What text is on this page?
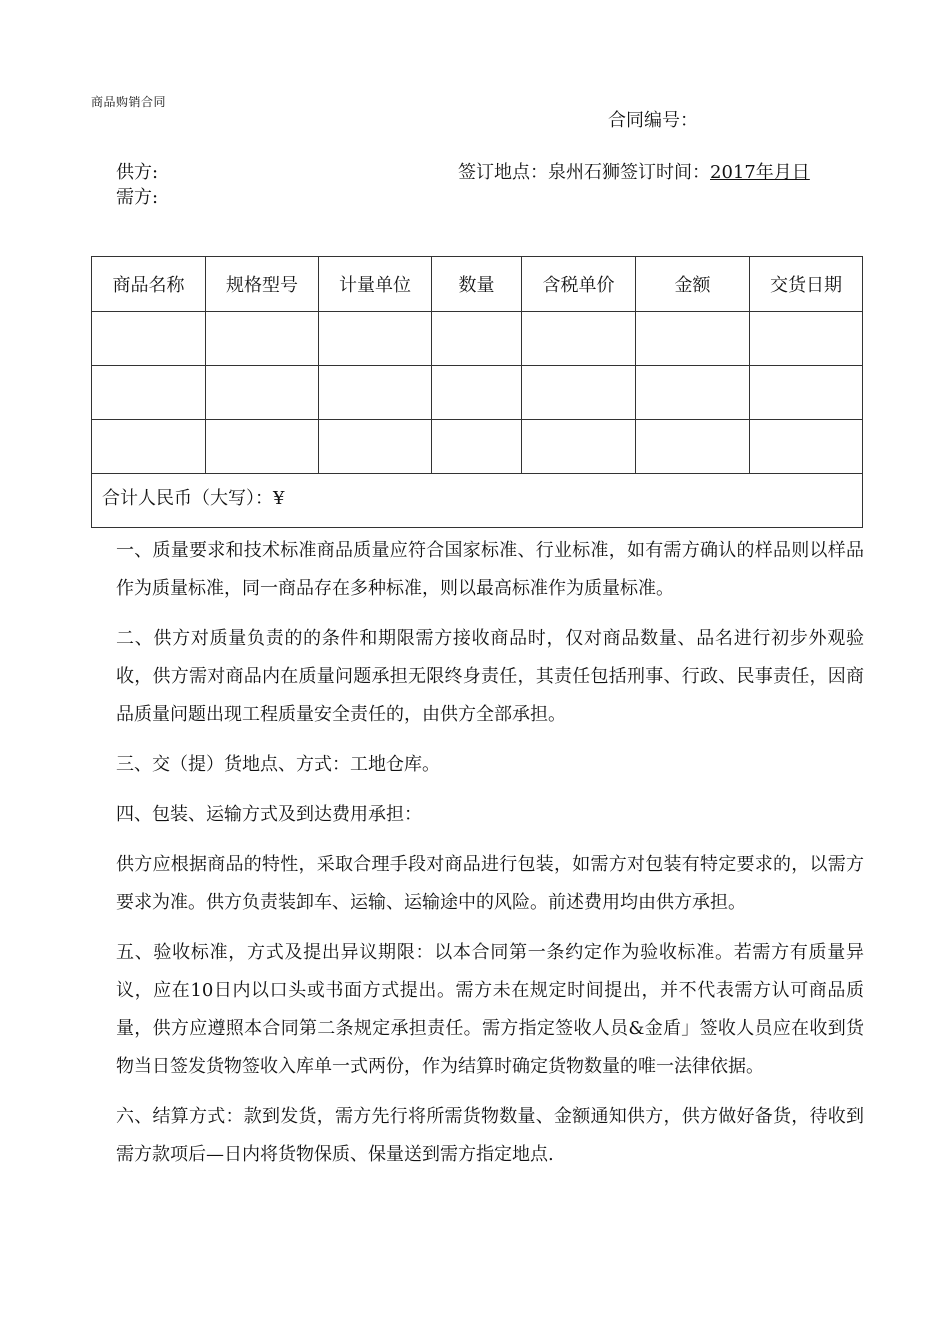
商品购销合同
合同编号：
供方:
需方:
签订地点：泉州石狮签订时间：2017年月日
商品名称	规格型号	计量单位	数量	含税单价	金额	交货日期

合计人民币（大写）：¥						

一、质量要求和技术标准商品质量应符合国家标准、行业标准，如有需方确认的样品则以样品作为质量标准，同一商品存在多种标准，则以最高标准作为质量标准。

二、供方对质量负责的的条件和期限需方接收商品时，仅对商品数量、品名进行初步外观验收，供方需对商品内在质量问题承担无限终身责任，其责任包括刑事、行政、民事责任，因商品质量问题出现工程质量安全责任的，由供方全部承担。

三、交（提）货地点、方式：工地仓库。

四、包装、运输方式及到达费用承担：

供方应根据商品的特性，采取合理手段对商品进行包装，如需方对包装有特定要求的，以需方要求为准。供方负责装卸车、运输、运输途中的风险。前述费用均由供方承担。

五、验收标准，方式及提出异议期限：以本合同第一条约定作为验收标准。若需方有质量异议，应在10日内以口头或书面方式提出。需方未在规定时间提出，并不代表需方认可商品质量，供方应遵照本合同第二条规定承担责任。需方指定签收人员&金盾」签收人员应在收到货物当日签发货物签收入库单一式两份，作为结算时确定货物数量的唯一法律依据。

六、结算方式：款到发货，需方先行将所需货物数量、金额通知供方，供方做好备货，待收到需方款项后—日内将货物保质、保量送到需方指定地点.
